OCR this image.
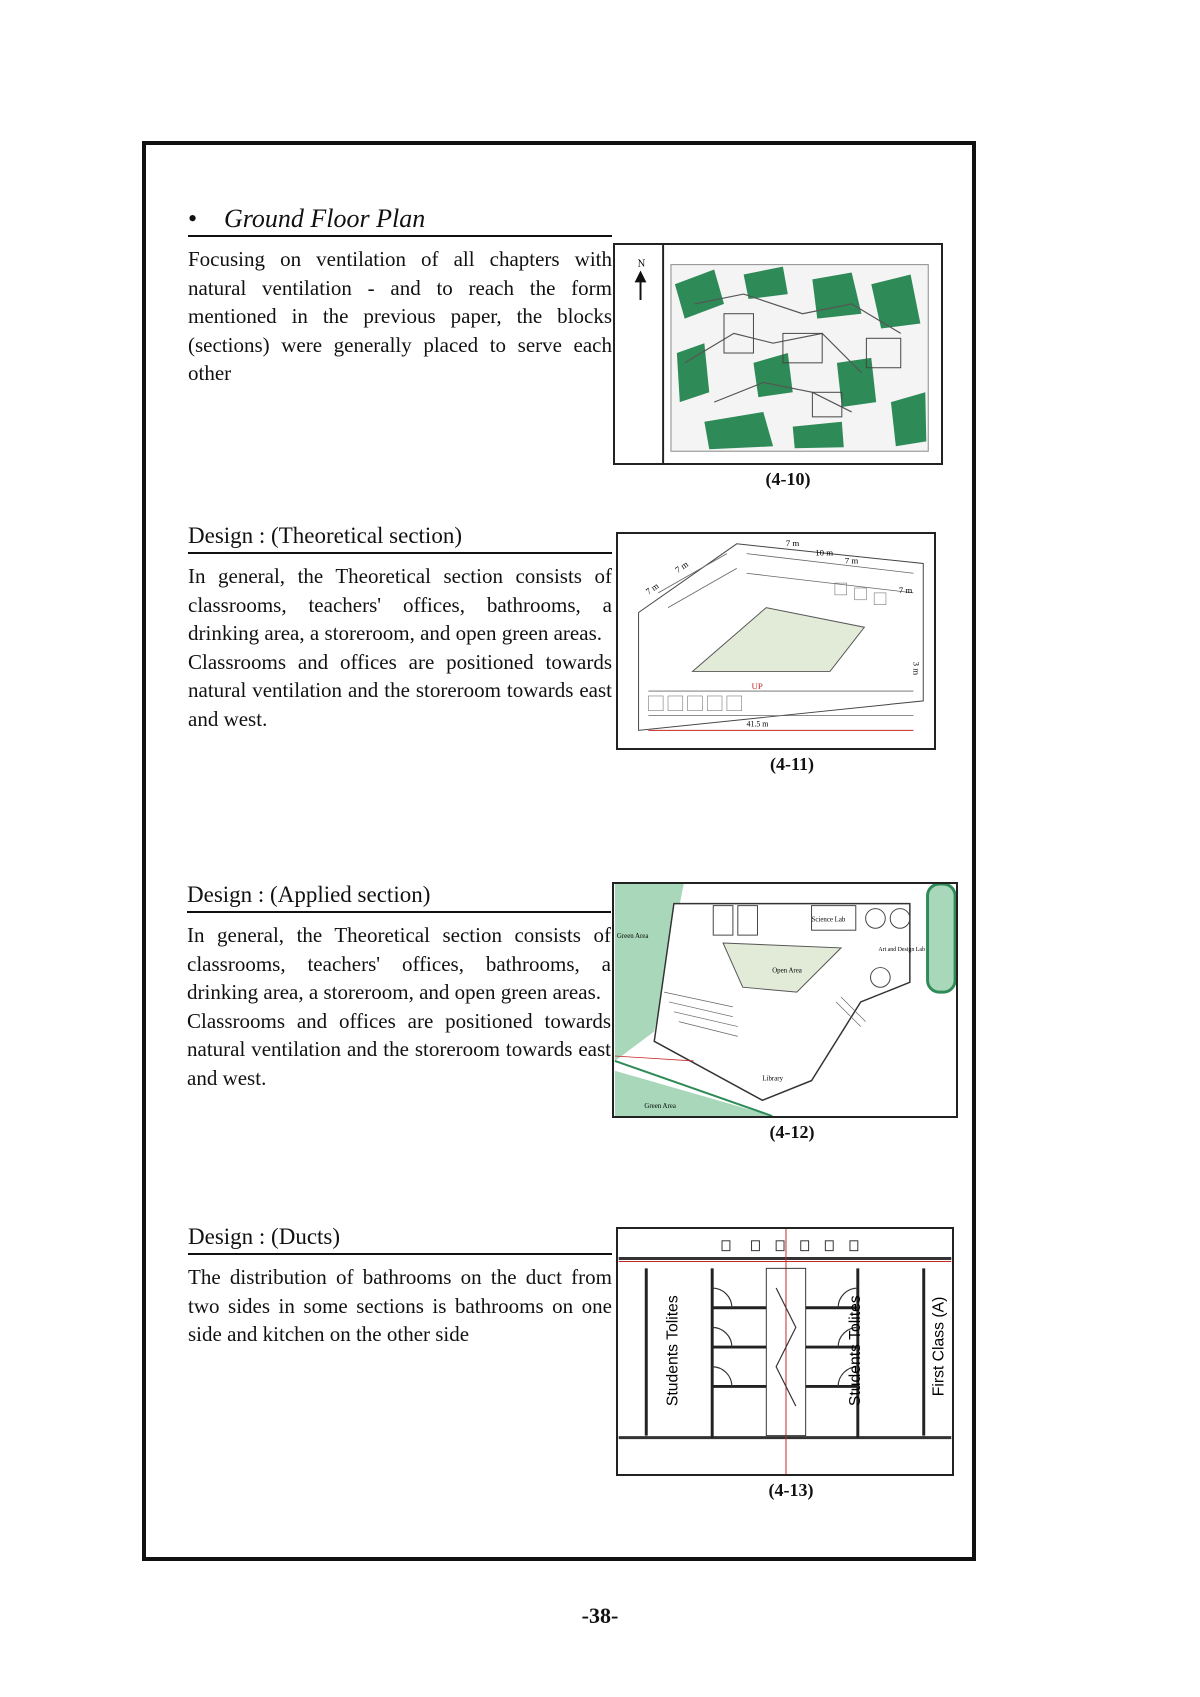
• Ground Floor Plan

Focusing on ventilation of all chapters with natural ventilation - and to reach the form mentioned in the previous paper, the blocks (sections) were generally placed to serve each other

N
(4-10)
Design : (Theoretical section)

In general, the Theoretical section consists of classrooms, teachers' offices, bathrooms, a drinking area, a storeroom, and open green areas.

Classrooms and offices are positioned towards natural ventilation and the storeroom towards east and west.

7 m
7 m
7 m
10 m
7 m
7 m
3 m
41.5 m
UP
(4-11)
Design : (Applied section)

In general, the Theoretical section consists of classrooms, teachers' offices, bathrooms, a drinking area, a storeroom, and open green areas.

Classrooms and offices are positioned towards natural ventilation and the storeroom towards east and west.

Green Area
Green Area
Science Lab
Art and Design Lab
Open Area
Library
(4-12)
Design : (Ducts)

The distribution of bathrooms on the duct from two sides in some sections is bathrooms on one side and kitchen on the other side	Students Tolites	Students Tolites	First Class (A)
(4-13)
-38-
